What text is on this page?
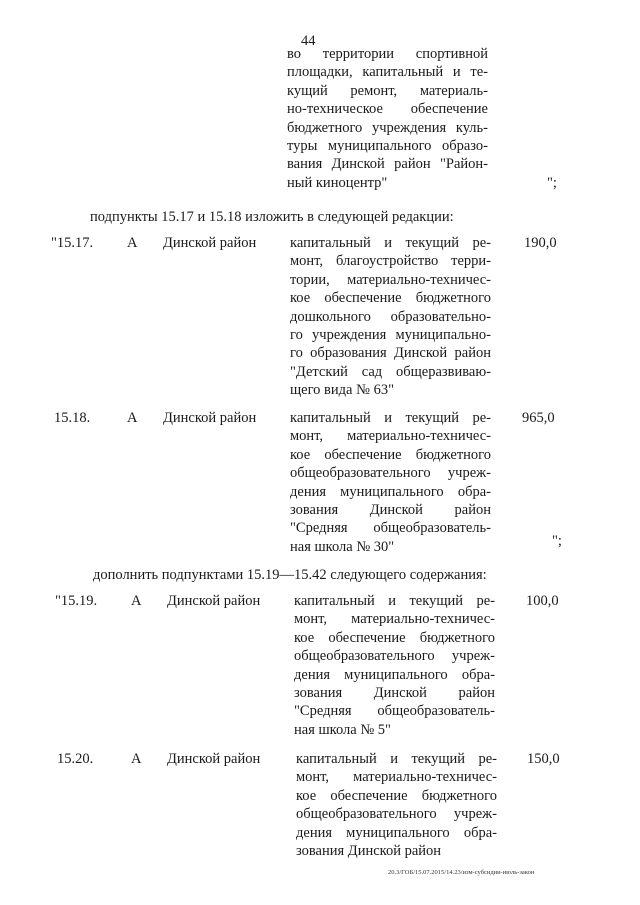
44
во территории спортивной
площадки, капитальный и те-
кущий ремонт, материаль-
но-техническое обеспечение
бюджетного учреждения куль-
туры муниципального образо-
вания Динской район "Район-
ный киноцентр"	";
подпункты 15.17 и 15.18 изложить в следующей редакции:
"15.17. А Динской район капитальный и текущий ре-
монт, благоустройство терри-
тории, материально-техничес-
кое обеспечение бюджетного
дошкольного образовательно-
го учреждения муниципально-
го образования Динской район
"Детский сад общеразвиваю-
щего вида № 63"
190,0
15.18.	А Динской район капитальный и текущий ре-
монт, материально-техничес-
кое обеспечение бюджетного
общеобразовательного учреж-
дения муниципального обра-
зования Динской район
"Средняя общеобразователь-
ная школа № 30"
965,0
";
дополнить подпунктами 15.19—15.42 следующего содержания:
"15.19. А Динской район капитальный и текущий ре-
монт, материально-техничес-
кое обеспечение бюджетного
общеобразовательного учреж-
дения муниципального обра-
зования Динской район
"Средняя общеобразователь-
ная школа № 5"
100,0
15.20.	А Динской район капитальный и текущий ре-
монт, материально-техничес-
кое обеспечение бюджетного
общеобразовательного учреж-
дения муниципального обра-
зования Динской район
150,0
20.3/ГОБ/15.07.2015/14.23/изм-субсидии-июль-закон
